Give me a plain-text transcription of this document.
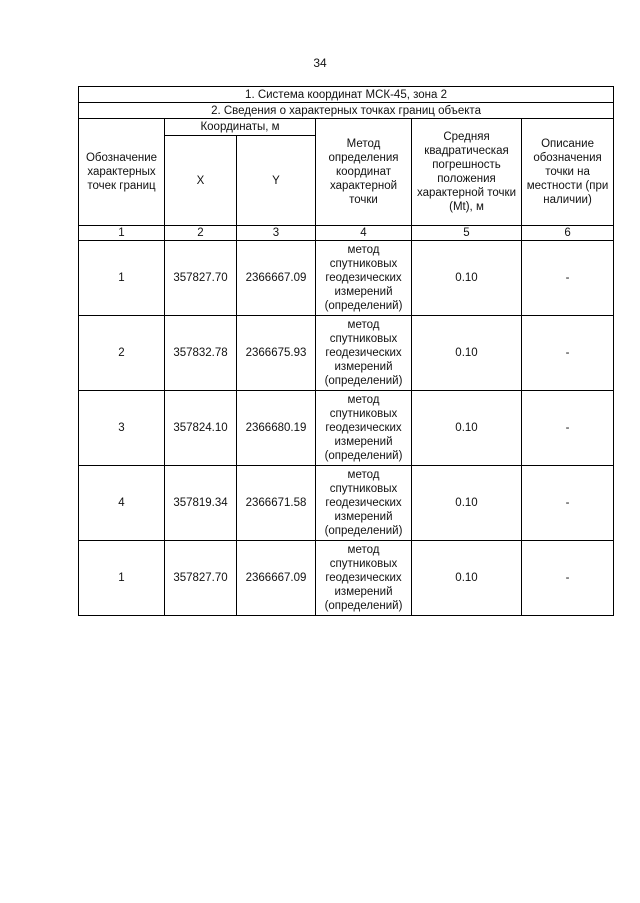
34
1. Система координат МСК-45, зона 2					
2. Сведения о характерных точках границ объекта					
Обозначение характерных точек границ	Координаты, м		Метод определения координат характерной точки	Средняя квадратическая погрешность положения характерной точки (Mt), м	Описание обозначения точки на местности (при наличии)
	X	Y			
1	2	3	4	5	6
1	357827.70	2366667.09	метод спутниковых геодезических измерений (определений)	0.10	-
2	357832.78	2366675.93	метод спутниковых геодезических измерений (определений)	0.10	-
3	357824.10	2366680.19	метод спутниковых геодезических измерений (определений)	0.10	-
4	357819.34	2366671.58	метод спутниковых геодезических измерений (определений)	0.10	-
1	357827.70	2366667.09	метод спутниковых геодезических измерений (определений)	0.10	-
